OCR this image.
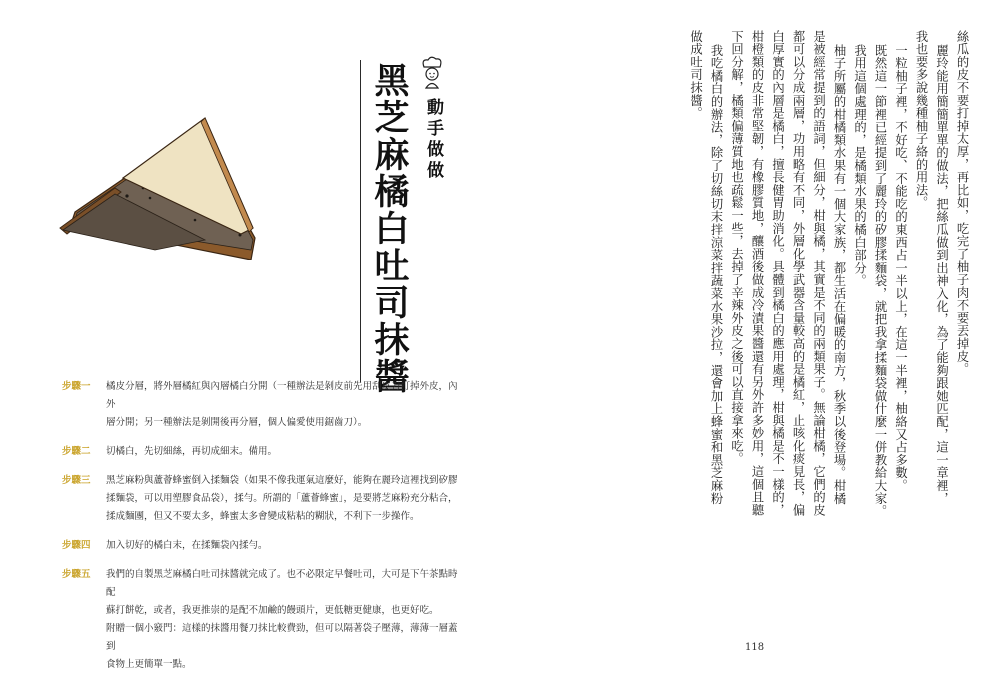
動手做做
黑芝麻橘白吐司抹醬
步驟一	橘皮分層，將外層橘紅與內層橘白分開（一種辦法是剝皮前先用刮皮刀打掉外皮，內外

層分開；另一種辦法是剝開後再分層，個人偏愛使用鋸齒刀）。

步驟二	切橘白，先切細絲，再切成細末。備用。

步驟三	黑芝麻粉與蘆薈蜂蜜倒入揉麵袋（如果不像我運氣這麼好，能夠在麗玲這裡找到矽膠

揉麵袋，可以用塑膠食品袋），揉勻。所謂的「蘆薈蜂蜜」，是要將芝麻粉充分粘合，

揉成麵團，但又不要太多，蜂蜜太多會變成粘粘的糊狀，不利下一步操作。

步驟四	加入切好的橘白末，在揉麵袋內揉勻。

步驟五	我們的自製黑芝麻橘白吐司抹醬就完成了。也不必限定早餐吐司，大可是下午茶點時配

蘇打餅乾，或者，我更推崇的是配不加鹼的饅頭片，更低糖更健康，也更好吃。

附贈一個小竅門：這樣的抹醬用餐刀抹比較費勁，但可以隔著袋子壓薄，薄薄一層蓋到

食物上更簡單一點。

絲瓜的皮不要打掉太厚，再比如，吃完了柚子肉不要丟掉皮。

麗玲能用簡簡單單的做法，把絲瓜做到出神入化，為了能夠跟她匹配，這一章裡，

我也要多說幾種柚子絡的用法。

一粒柚子裡，不好吃、不能吃的東西占一半以上，在這一半裡，柚絡又占多數。

既然這一節裡已經提到了麗玲的矽膠揉麵袋，就把我拿揉麵袋做什麼一併教給大家。

我用這個處理的，是橘類水果的橘白部分。

柚子所屬的柑橘類水果有一個大家族，都生活在偏暖的南方，秋季以後登場。柑橘

是被經常提到的語詞，但細分，柑與橘，其實是不同的兩類果子。無論柑橘，它們的皮

都可以分成兩層，功用略有不同，外層化學武器含量較高的是橘紅，止咳化痰見長，偏

白厚實的內層是橘白，擅長健胃助消化。具體到橘白的應用處理，柑與橘是不一樣的，

柑橙類的皮非常堅韌，有橡膠質地，釀酒後做成冷漬果醬還有另外許多妙用，這個且聽

下回分解，橘類偏薄質地也疏鬆一些，去掉了辛辣外皮之後可以直接拿來吃。

我吃橘白的辦法，除了切絲切末拌涼菜拌蔬菜水果沙拉，還會加上蜂蜜和黑芝麻粉

做成吐司抹醬。

118
